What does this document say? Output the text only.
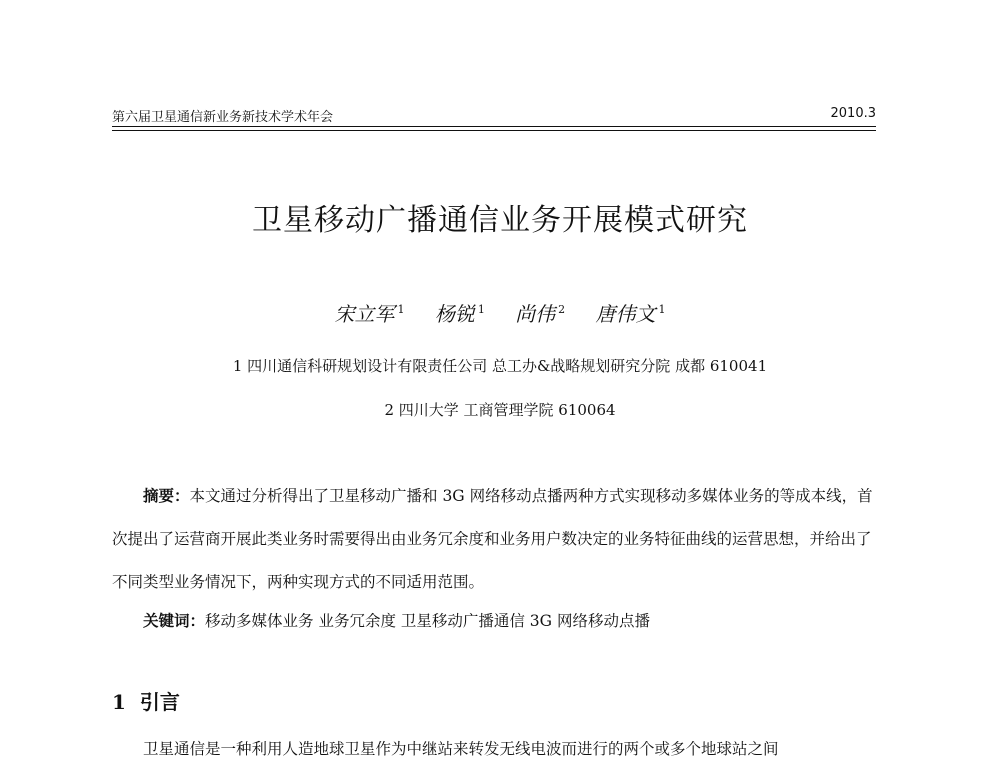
第六届卫星通信新业务新技术学术年会	2010.3
卫星移动广播通信业务开展模式研究
宋立军 $^1$ 杨锐 $^1$ 尚伟 $^2$ 唐伟文 $^1$
1 四川通信科研规划设计有限责任公司 总工办&战略规划研究分院 成都 610041
2 四川大学 工商管理学院 610064
摘要：本文通过分析得出了卫星移动广播和 3G 网络移动点播两种方式实现移动多媒体业务的等成本线，首次提出了运营商开展此类业务时需要得出由业务冗余度和业务用户数决定的业务特征曲线的运营思想，并给出了不同类型业务情况下，两种实现方式的不同适用范围。
关键词：移动多媒体业务 业务冗余度 卫星移动广播通信 3G 网络移动点播
1 引言
卫星通信是一种利用人造地球卫星作为中继站来转发无线电波而进行的两个或多个地球站之间
